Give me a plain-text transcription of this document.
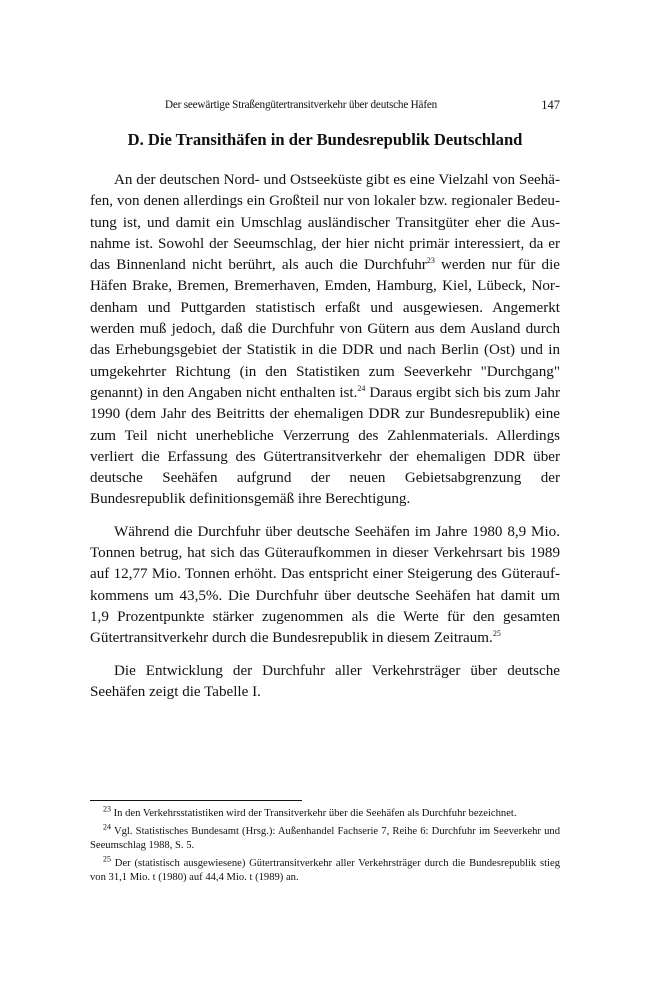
Der seewärtige Straßengütertransitverkehr über deutsche Häfen	147
D. Die Transithäfen in der Bundesrepublik Deutschland

An der deutschen Nord- und Ostseeküste gibt es eine Vielzahl von Seehäfen, von denen allerdings ein Großteil nur von lokaler bzw. regionaler Bedeutung ist, und damit ein Umschlag ausländischer Transitgüter eher die Ausnahme ist. Sowohl der Seeumschlag, der hier nicht primär interessiert, da er das Binnenland nicht berührt, als auch die Durchfuhr$^{23}$ werden nur für die Häfen Brake, Bremen, Bremerhaven, Emden, Hamburg, Kiel, Lübeck, Nordenham und Puttgarden statistisch erfaßt und ausgewiesen. Angemerkt werden muß jedoch, daß die Durchfuhr von Gütern aus dem Ausland durch das Erhebungsgebiet der Statistik in die DDR und nach Berlin (Ost) und in umgekehrter Richtung (in den Statistiken zum Seeverkehr "Durchgang" genannt) in den Angaben nicht enthalten ist.$^{24}$ Daraus ergibt sich bis zum Jahr 1990 (dem Jahr des Beitritts der ehemaligen DDR zur Bundesrepublik) eine zum Teil nicht unerhebliche Verzerrung des Zahlenmaterials. Allerdings verliert die Erfassung des Gütertransitverkehr der ehemaligen DDR über deutsche Seehäfen aufgrund der neuen Gebietsabgrenzung der Bundesrepublik definitionsgemäß ihre Berechtigung.

Während die Durchfuhr über deutsche Seehäfen im Jahre 1980 8,9 Mio. Tonnen betrug, hat sich das Güteraufkommen in dieser Verkehrsart bis 1989 auf 12,77 Mio. Tonnen erhöht. Das entspricht einer Steigerung des Güteraufkommens um 43,5%. Die Durchfuhr über deutsche Seehäfen hat damit um 1,9 Prozentpunkte stärker zugenommen als die Werte für den gesamten Gütertransitverkehr durch die Bundesrepublik in diesem Zeitraum.$^{25}$

Die Entwicklung der Durchfuhr aller Verkehrsträger über deutsche Seehäfen zeigt die Tabelle I.

$^{23}$ In den Verkehrsstatistiken wird der Transitverkehr über die Seehäfen als Durchfuhr bezeichnet.

$^{24}$ Vgl. Statistisches Bundesamt (Hrsg.): Außenhandel Fachserie 7, Reihe 6: Durchfuhr im Seeverkehr und Seeumschlag 1988, S. 5.

$^{25}$ Der (statistisch ausgewiesene) Gütertransitverkehr aller Verkehrsträger durch die Bundesrepublik stieg von 31,1 Mio. t (1980) auf 44,4 Mio. t (1989) an.
